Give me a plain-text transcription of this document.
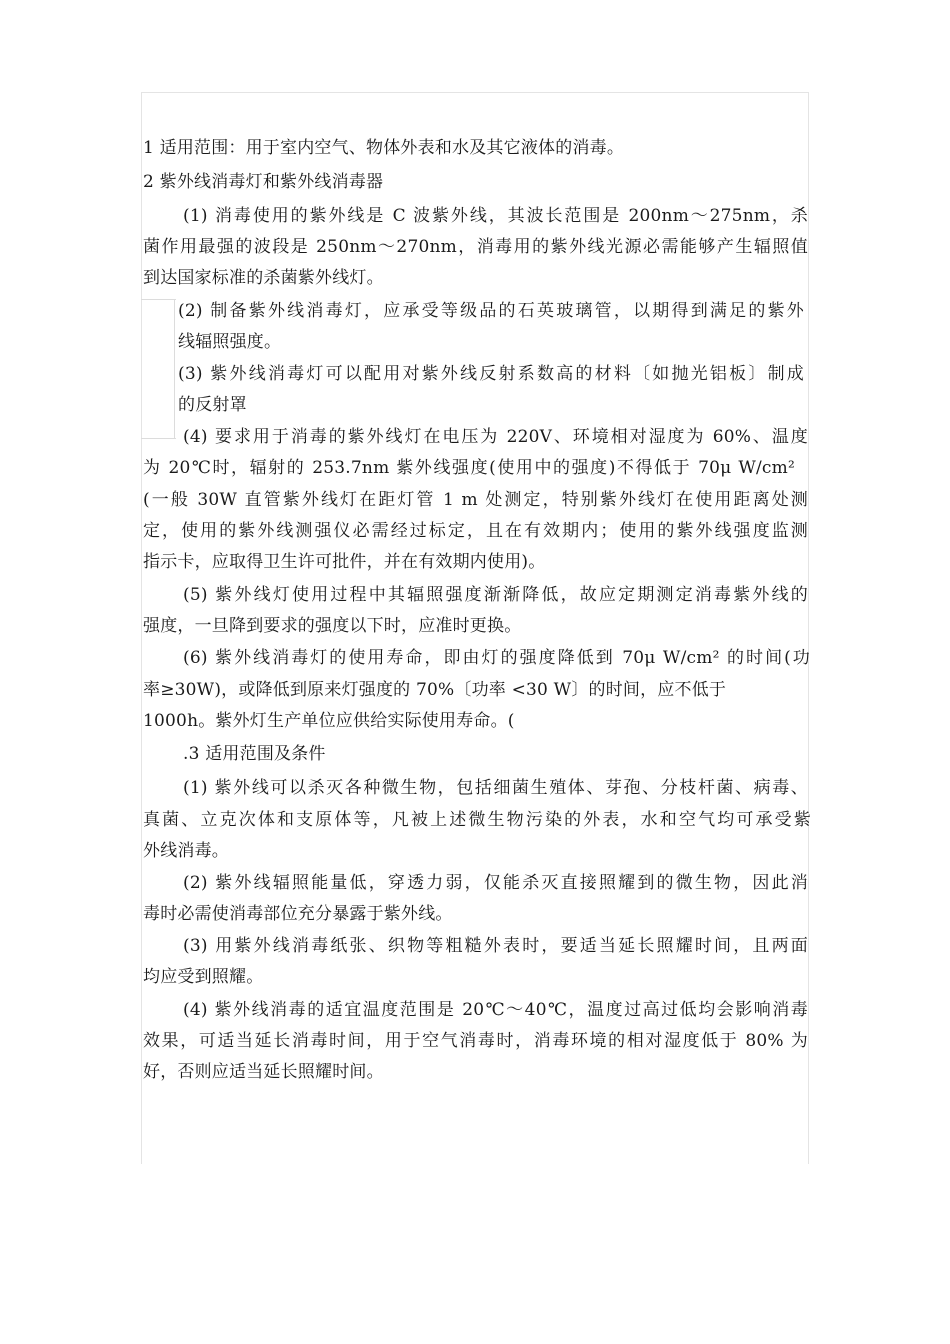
1 适用范围：用于室内空气、物体外表和水及其它液体的消毒。
2 紫外线消毒灯和紫外线消毒器
(1) 消毒使用的紫外线是 C 波紫外线，其波长范围是 200nm～275nm，杀
菌作用最强的波段是 250nm～270nm，消毒用的紫外线光源必需能够产生辐照值
到达国家标准的杀菌紫外线灯。
(2) 制备紫外线消毒灯，应承受等级品的石英玻璃管，以期得到满足的紫外
线辐照强度。
(3) 紫外线消毒灯可以配用对紫外线反射系数高的材料〔如抛光铝板〕制成
的反射罩
(4) 要求用于消毒的紫外线灯在电压为 220V、环境相对湿度为 60%、温度
为 20℃时，辐射的 253.7nm 紫外线强度(使用中的强度)不得低于 70μ W/cm²
(一般 30W 直管紫外线灯在距灯管 1 m 处测定，特别紫外线灯在使用距离处测
定，使用的紫外线测强仪必需经过标定，且在有效期内；使用的紫外线强度监测
指示卡，应取得卫生许可批件，并在有效期内使用)。
(5) 紫外线灯使用过程中其辐照强度渐渐降低，故应定期测定消毒紫外线的
强度，一旦降到要求的强度以下时，应准时更换。
(6) 紫外线消毒灯的使用寿命，即由灯的强度降低到 70μ W/cm² 的时间(功
率≥30W)，或降低到原来灯强度的 70%〔功率 <30 W〕的时间，应不低于
1000h。紫外灯生产单位应供给实际使用寿命。(
.3 适用范围及条件
(1) 紫外线可以杀灭各种微生物，包括细菌生殖体、芽孢、分枝杆菌、病毒、
真菌、立克次体和支原体等，凡被上述微生物污染的外表，水和空气均可承受紫
外线消毒。
(2) 紫外线辐照能量低，穿透力弱，仅能杀灭直接照耀到的微生物，因此消
毒时必需使消毒部位充分暴露于紫外线。
(3) 用紫外线消毒纸张、织物等粗糙外表时，要适当延长照耀时间，且两面
均应受到照耀。
(4) 紫外线消毒的适宜温度范围是 20℃～40℃，温度过高过低均会影响消毒
效果，可适当延长消毒时间，用于空气消毒时，消毒环境的相对湿度低于 80% 为
好，否则应适当延长照耀时间。
